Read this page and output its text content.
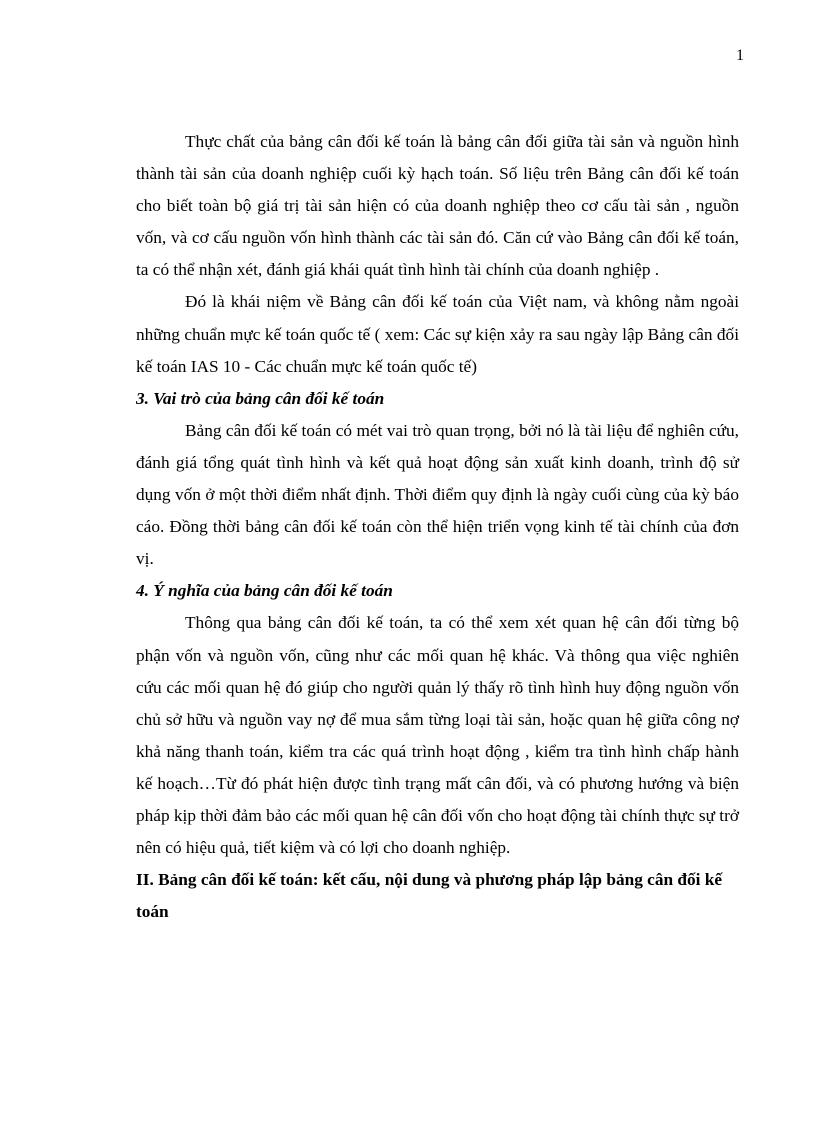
1

Thực chất của bảng cân đối kế toán là bảng cân đối giữa tài sản và nguồn hình thành tài sản của doanh nghiệp cuối kỳ hạch toán. Số liệu trên Bảng cân đối kế toán cho biết toàn bộ giá trị tài sản hiện có của doanh nghiệp theo cơ cấu tài sản , nguồn vốn, và cơ cấu nguồn vốn hình thành các tài sản đó. Căn cứ vào Bảng cân đối kế toán, ta có thể nhận xét, đánh giá khái quát tình hình tài chính của doanh nghiệp .

Đó là khái niệm về Bảng cân đối kế toán của Việt nam, và không nằm ngoài những chuẩn mực kế toán quốc tế ( xem: Các sự kiện xảy ra sau ngày lập Bảng cân đối kế toán IAS 10 - Các chuẩn mực kế toán quốc tế)

3. Vai trò của bảng cân đối kế toán

Bảng cân đối kế toán có mét vai trò quan trọng, bởi nó là tài liệu để nghiên cứu, đánh giá tổng quát tình hình và kết quả hoạt động sản xuất kinh doanh, trình độ sử dụng vốn ở một thời điểm nhất định. Thời điểm quy định là ngày cuối cùng của kỳ báo cáo. Đồng thời bảng cân đối kế toán còn thể hiện triển vọng kinh tế tài chính của đơn vị.

4. Ý nghĩa của bảng cân đối kế toán

Thông qua bảng cân đối kế toán, ta có thể xem xét quan hệ cân đối từng bộ phận vốn và nguồn vốn, cũng như các mối quan hệ khác. Và thông qua việc nghiên cứu các mối quan hệ đó giúp cho người quản lý thấy rõ tình hình huy động nguồn vốn chủ sở hữu và nguồn vay nợ để mua sắm từng loại tài sản, hoặc quan hệ giữa công nợ khả năng thanh toán, kiểm tra các quá trình hoạt động , kiểm tra tình hình chấp hành kế hoạch…Từ đó phát hiện được tình trạng mất cân đối, và có phương hướng và biện pháp kịp thời đảm bảo các mối quan hệ cân đối vốn cho hoạt động tài chính thực sự trở nên có hiệu quả, tiết kiệm và có lợi cho doanh nghiệp.

II. Bảng cân đối kế toán: kết cấu, nội dung và phương pháp lập bảng cân đối kế toán
